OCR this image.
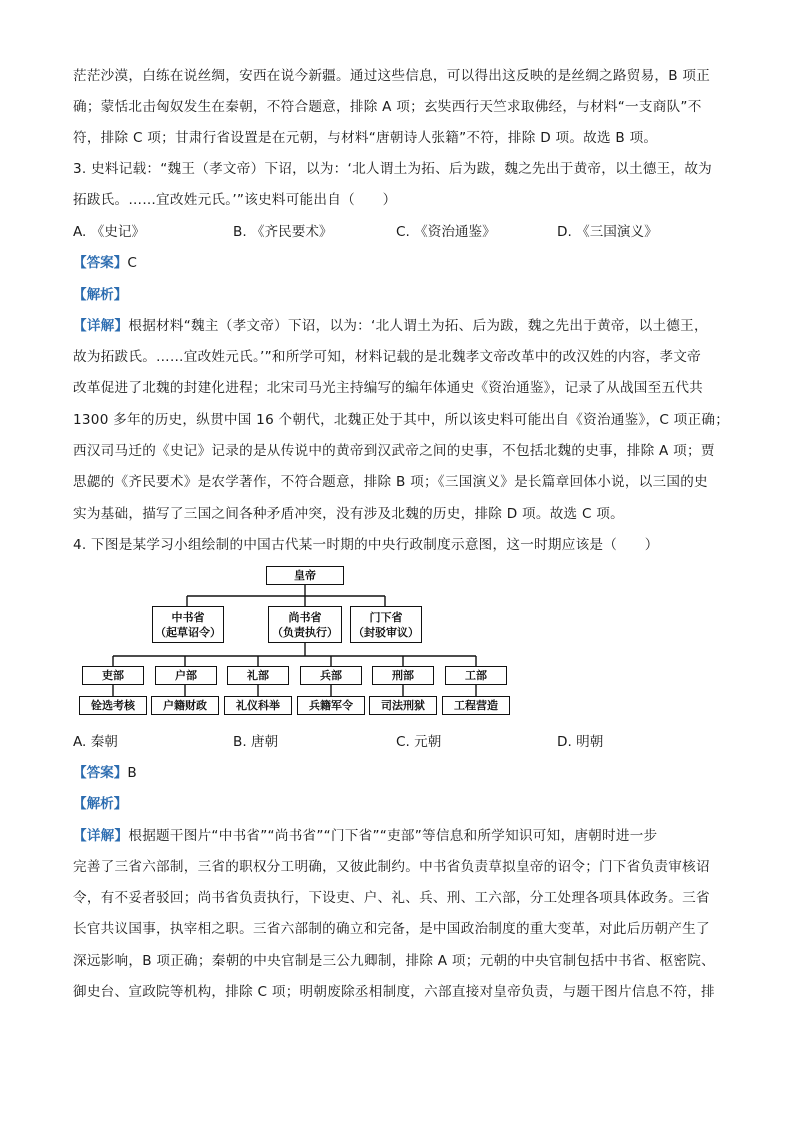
茫茫沙漠，白练在说丝绸，安西在说今新疆。通过这些信息，可以得出这反映的是丝绸之路贸易，B 项正
确；蒙恬北击匈奴发生在秦朝，不符合题意，排除 A 项；玄奘西行天竺求取佛经，与材料“一支商队”不
符，排除 C 项；甘肃行省设置是在元朝，与材料“唐朝诗人张籍”不符，排除 D 项。故选 B 项。
3. 史料记载：“魏王（孝文帝）下诏，以为：‘北人谓土为拓、后为跋，魏之先出于黄帝，以土德王，故为
拓跋氏。……宜改姓元氏。’”该史料可能出自（　　）
A. 《史记》	B. 《齐民要术》	C. 《资治通鉴》	D. 《三国演义》
【答案】C
【解析】
【详解】根据材料“魏主（孝文帝）下诏，以为：‘北人谓土为拓、后为跋，魏之先出于黄帝，以土德王，
故为拓跋氏。……宜改姓元氏。’”和所学可知，材料记载的是北魏孝文帝改革中的改汉姓的内容，孝文帝
改革促进了北魏的封建化进程；北宋司马光主持编写的编年体通史《资治通鉴》，记录了从战国至五代共
1300 多年的历史，纵贯中国 16 个朝代，北魏正处于其中，所以该史料可能出自《资治通鉴》，C 项正确；
西汉司马迁的《史记》记录的是从传说中的黄帝到汉武帝之间的史事，不包括北魏的史事，排除 A 项；贾
思勰的《齐民要术》是农学著作，不符合题意，排除 B 项；《三国演义》是长篇章回体小说，以三国的史
实为基础，描写了三国之间各种矛盾冲突，没有涉及北魏的历史，排除 D 项。故选 C 项。
4. 下图是某学习小组绘制的中国古代某一时期的中央行政制度示意图，这一时期应该是（　　）
皇帝
中书省
（起草诏令）
尚书省
（负责执行）
门下省
（封驳审议）
吏部	户部	礼部	兵部	刑部	工部
铨选考核	户籍财政	礼仪科举	兵籍军令	司法刑狱	工程营造
A. 秦朝	B. 唐朝	C. 元朝	D. 明朝
【答案】B
【解析】
【详解】根据题干图片“中书省”“尚书省”“门下省”“吏部”等信息和所学知识可知，唐朝时进一步
完善了三省六部制，三省的职权分工明确，又彼此制约。中书省负责草拟皇帝的诏令；门下省负责审核诏
令，有不妥者驳回；尚书省负责执行，下设吏、户、礼、兵、刑、工六部，分工处理各项具体政务。三省
长官共议国事，执宰相之职。三省六部制的确立和完备，是中国政治制度的重大变革，对此后历朝产生了
深远影响，B 项正确；秦朝的中央官制是三公九卿制，排除 A 项；元朝的中央官制包括中书省、枢密院、
御史台、宣政院等机构，排除 C 项；明朝废除丞相制度，六部直接对皇帝负责，与题干图片信息不符，排
